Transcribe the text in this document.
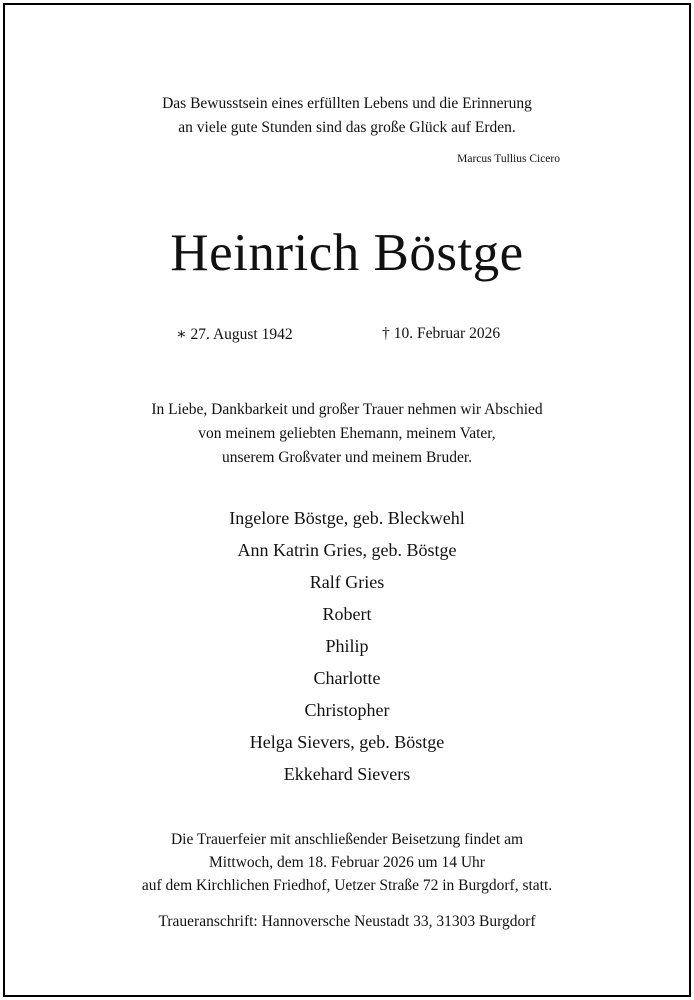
Das Bewusstsein eines erfüllten Lebens und die Erinnerung
an viele gute Stunden sind das große Glück auf Erden.
Marcus Tullius Cicero
Heinrich Böstge
∗ 27. August 1942	† 10. Februar 2026
In Liebe, Dankbarkeit und großer Trauer nehmen wir Abschied
von meinem geliebten Ehemann, meinem Vater,
unserem Großvater und meinem Bruder.
Ingelore Böstge, geb. Bleckwehl
Ann Katrin Gries, geb. Böstge
Ralf Gries
Robert
Philip
Charlotte
Christopher
Helga Sievers, geb. Böstge
Ekkehard Sievers
Die Trauerfeier mit anschließender Beisetzung findet am
Mittwoch, dem 18. Februar 2026 um 14 Uhr
auf dem Kirchlichen Friedhof, Uetzer Straße 72 in Burgdorf, statt.
Traueranschrift: Hannoversche Neustadt 33, 31303 Burgdorf
